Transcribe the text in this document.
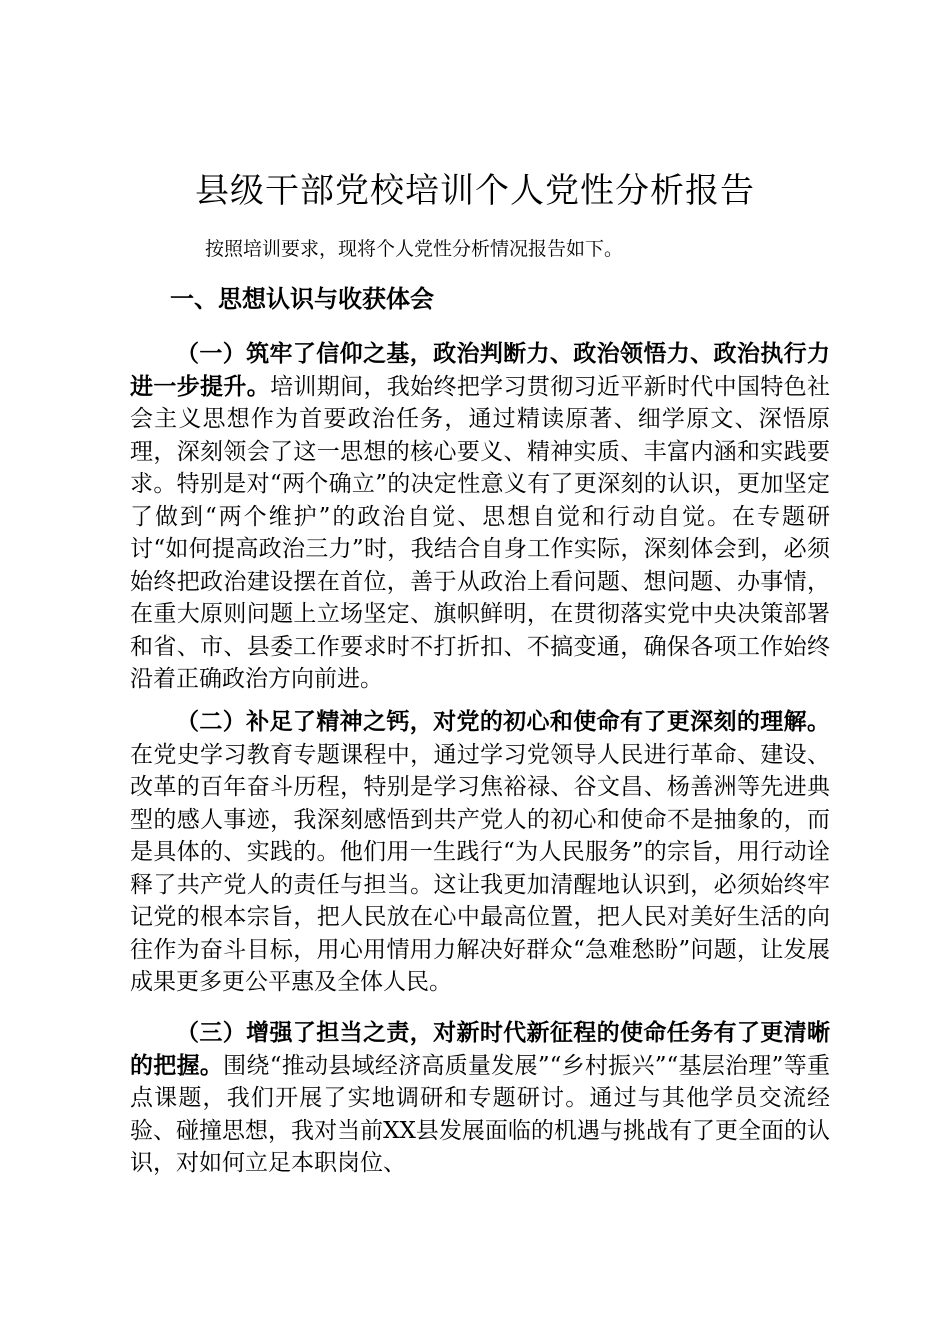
县级干部党校培训个人党性分析报告
按照培训要求，现将个人党性分析情况报告如下。
一、思想认识与收获体会

（一）筑牢了信仰之基，政治判断力、政治领悟力、政治执行力进一步提升。培训期间，我始终把学习贯彻习近平新时代中国特色社会主义思想作为首要政治任务，通过精读原著、细学原文、深悟原理，深刻领会了这一思想的核心要义、精神实质、丰富内涵和实践要求。特别是对“两个确立”的决定性意义有了更深刻的认识，更加坚定了做到“两个维护”的政治自觉、思想自觉和行动自觉。在专题研讨“如何提高政治三力”时，我结合自身工作实际，深刻体会到，必须始终把政治建设摆在首位，善于从政治上看问题、想问题、办事情，在重大原则问题上立场坚定、旗帜鲜明，在贯彻落实党中央决策部署和省、市、县委工作要求时不打折扣、不搞变通，确保各项工作始终沿着正确政治方向前进。

（二）补足了精神之钙，对党的初心和使命有了更深刻的理解。在党史学习教育专题课程中，通过学习党领导人民进行革命、建设、改革的百年奋斗历程，特别是学习焦裕禄、谷文昌、杨善洲等先进典型的感人事迹，我深刻感悟到共产党人的初心和使命不是抽象的，而是具体的、实践的。他们用一生践行“为人民服务”的宗旨，用行动诠释了共产党人的责任与担当。这让我更加清醒地认识到，必须始终牢记党的根本宗旨，把人民放在心中最高位置，把人民对美好生活的向往作为奋斗目标，用心用情用力解决好群众“急难愁盼”问题，让发展成果更多更公平惠及全体人民。

（三）增强了担当之责，对新时代新征程的使命任务有了更清晰的把握。围绕“推动县域经济高质量发展”“乡村振兴”“基层治理”等重点课题，我们开展了实地调研和专题研讨。通过与其他学员交流经验、碰撞思想，我对当前XX县发展面临的机遇与挑战有了更全面的认识，对如何立足本职岗位、
